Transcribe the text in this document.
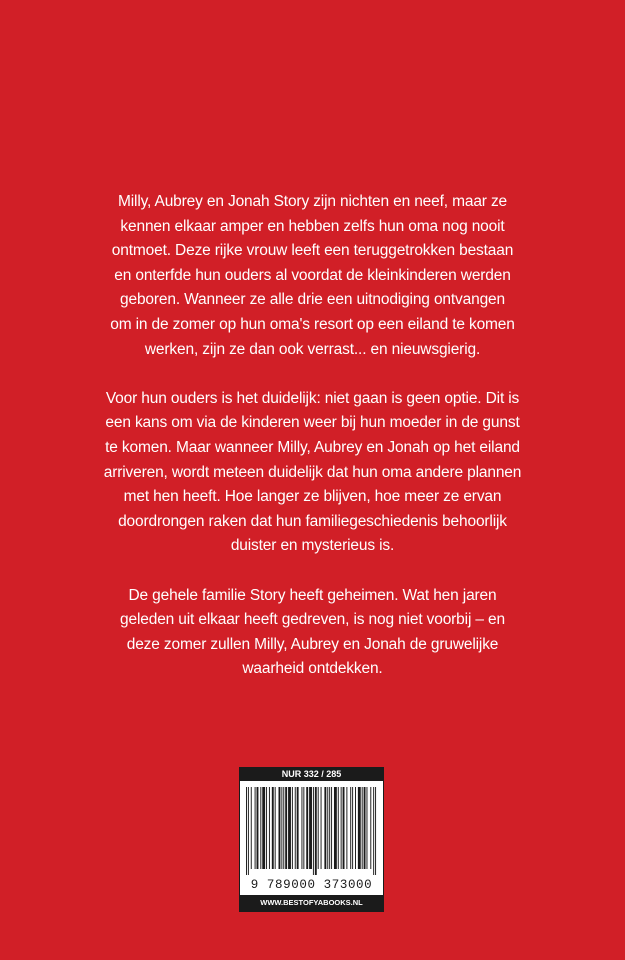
Milly, Aubrey en Jonah Story zijn nichten en neef, maar ze
kennen elkaar amper en hebben zelfs hun oma nog nooit
ontmoet. Deze rijke vrouw leeft een teruggetrokken bestaan
en onterfde hun ouders al voordat de kleinkinderen werden
geboren. Wanneer ze alle drie een uitnodiging ontvangen
om in de zomer op hun oma's resort op een eiland te komen
werken, zijn ze dan ook verrast... en nieuwsgierig.

Voor hun ouders is het duidelijk: niet gaan is geen optie. Dit is
een kans om via de kinderen weer bij hun moeder in de gunst
te komen. Maar wanneer Milly, Aubrey en Jonah op het eiland
arriveren, wordt meteen duidelijk dat hun oma andere plannen
met hen heeft. Hoe langer ze blijven, hoe meer ze ervan
doordrongen raken dat hun familiegeschiedenis behoorlijk
duister en mysterieus is.

De gehele familie Story heeft geheimen. Wat hen jaren
geleden uit elkaar heeft gedreven, is nog niet voorbij – en
deze zomer zullen Milly, Aubrey en Jonah de gruwelijke
waarheid ontdekken.

NUR 332 / 285
9 789000 373000
WWW.BESTOFYABOOKS.NL
